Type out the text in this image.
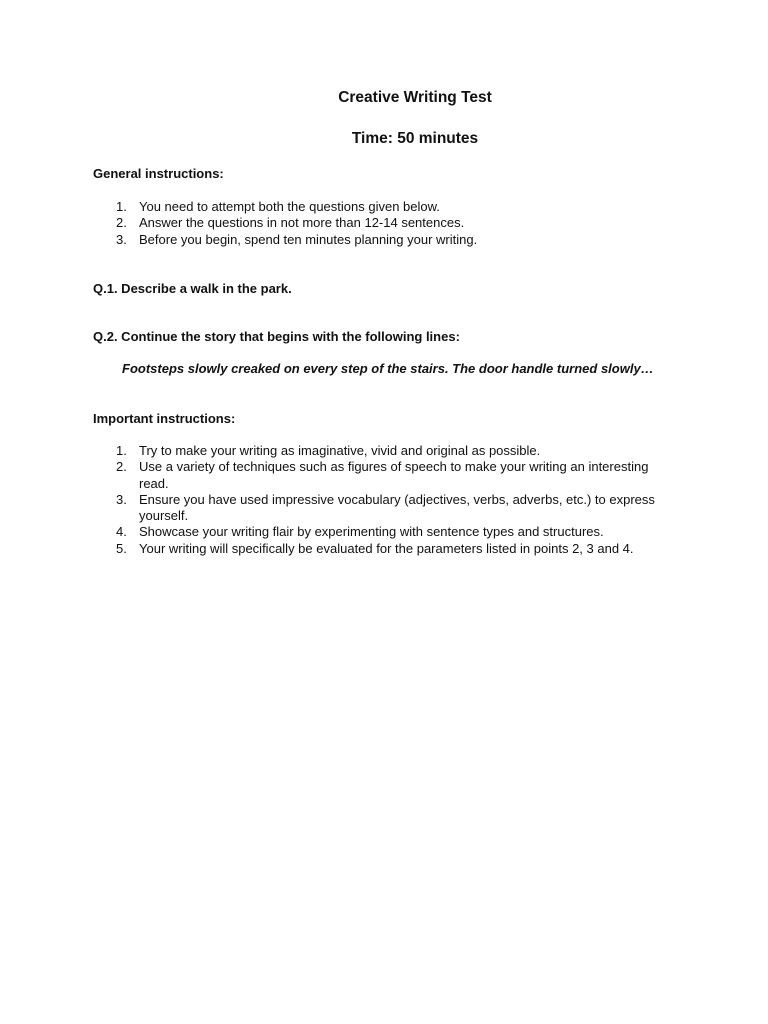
Creative Writing Test
Time: 50 minutes
General instructions:
1. You need to attempt both the questions given below.
2. Answer the questions in not more than 12-14 sentences.
3. Before you begin, spend ten minutes planning your writing.
Q.1. Describe a walk in the park.
Q.2. Continue the story that begins with the following lines:
Footsteps slowly creaked on every step of the stairs. The door handle turned slowly…
Important instructions:
1. Try to make your writing as imaginative, vivid and original as possible.
2. Use a variety of techniques such as figures of speech to make your writing an interesting read.
3. Ensure you have used impressive vocabulary (adjectives, verbs, adverbs, etc.) to express yourself.
4. Showcase your writing flair by experimenting with sentence types and structures.
5. Your writing will specifically be evaluated for the parameters listed in points 2, 3 and 4.
